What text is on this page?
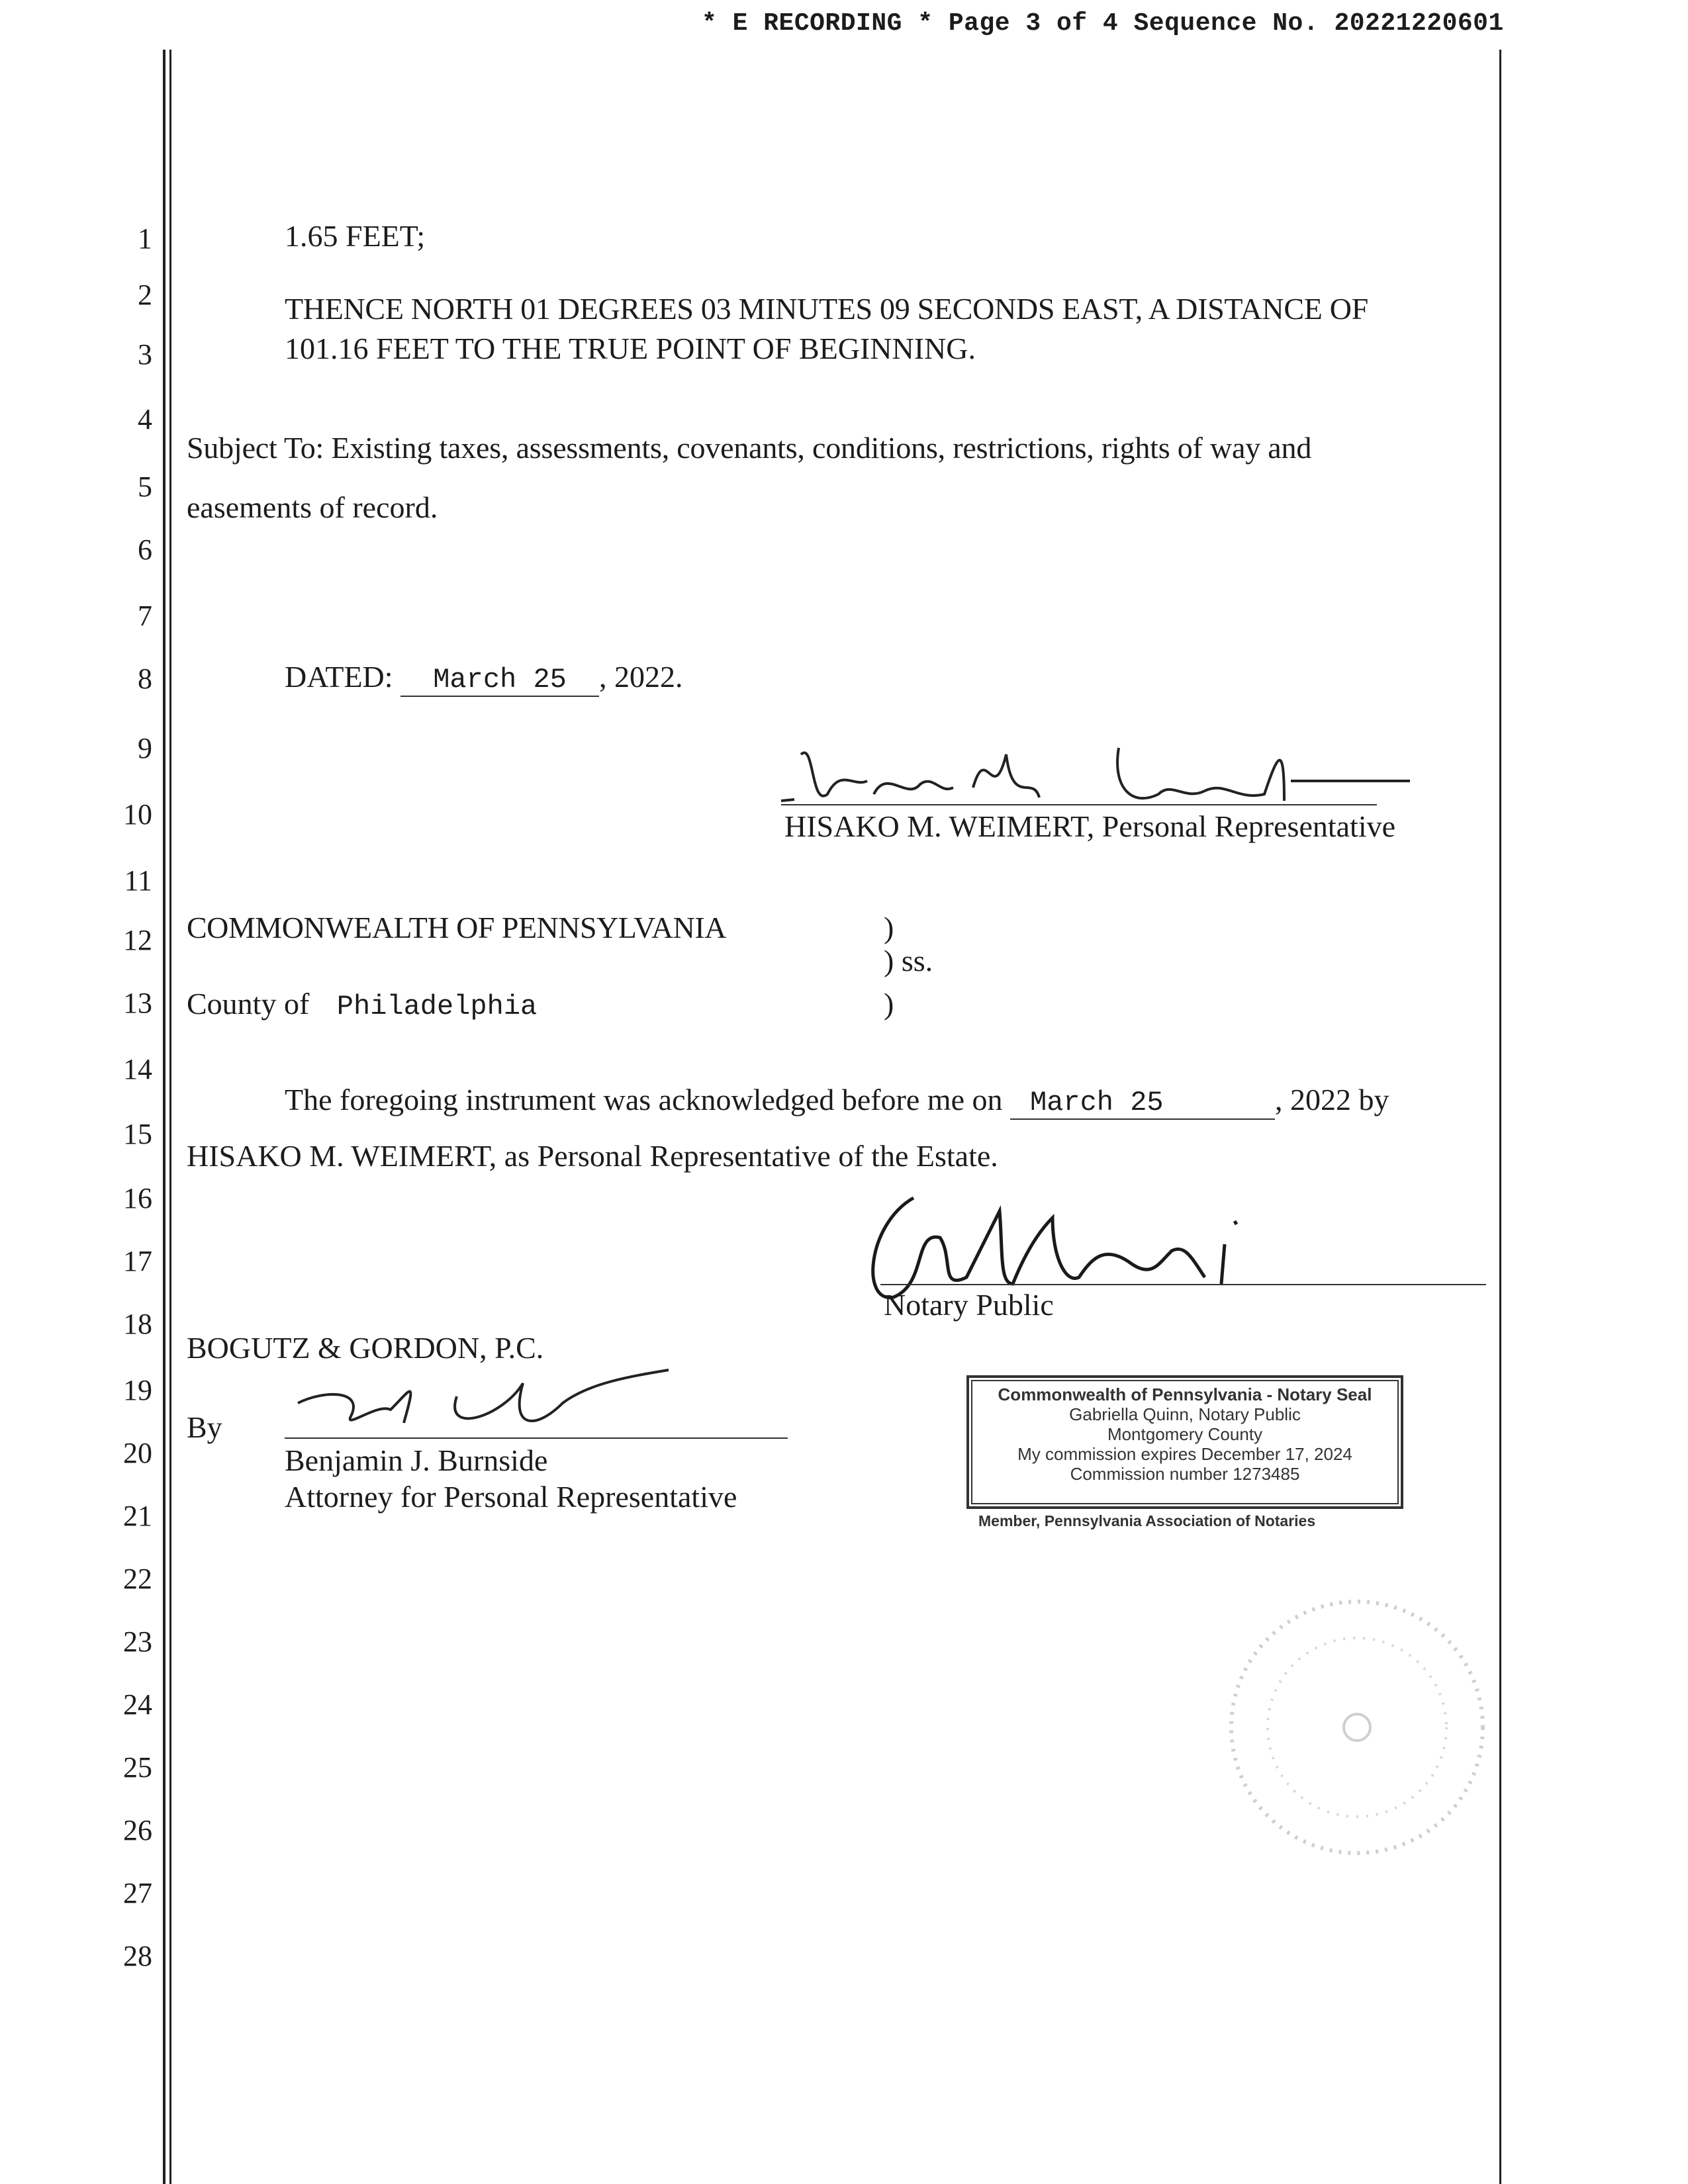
* E RECORDING * Page 3 of 4 Sequence No. 20221220601
1
2
3
4
5
6
7
8
9
10
11
12
13
14
15
16
17
18
19
20
21
22
23
24
25
26
27
28
1.65 FEET;
THENCE NORTH 01 DEGREES 03 MINUTES 09 SECONDS EAST, A DISTANCE OF
101.16 FEET TO THE TRUE POINT OF BEGINNING.
Subject To: Existing taxes, assessments, covenants, conditions, restrictions, rights of way and
easements of record.
DATED: March 25 , 2022.
HISAKO M. WEIMERT, Personal Representative
COMMONWEALTH OF PENNSYLVANIA	)
) ss.
)
County of Philadelphia
The foregoing instrument was acknowledged before me on March 25	, 2022 by
HISAKO M. WEIMERT, as Personal Representative of the Estate.
Notary Public
BOGUTZ & GORDON, P.C.
By
Benjamin J. Burnside
Attorney for Personal Representative
Commonwealth of Pennsylvania - Notary Seal
Gabriella Quinn, Notary Public
Montgomery County
My commission expires December 17, 2024
Commission number 1273485
Member, Pennsylvania Association of Notaries
